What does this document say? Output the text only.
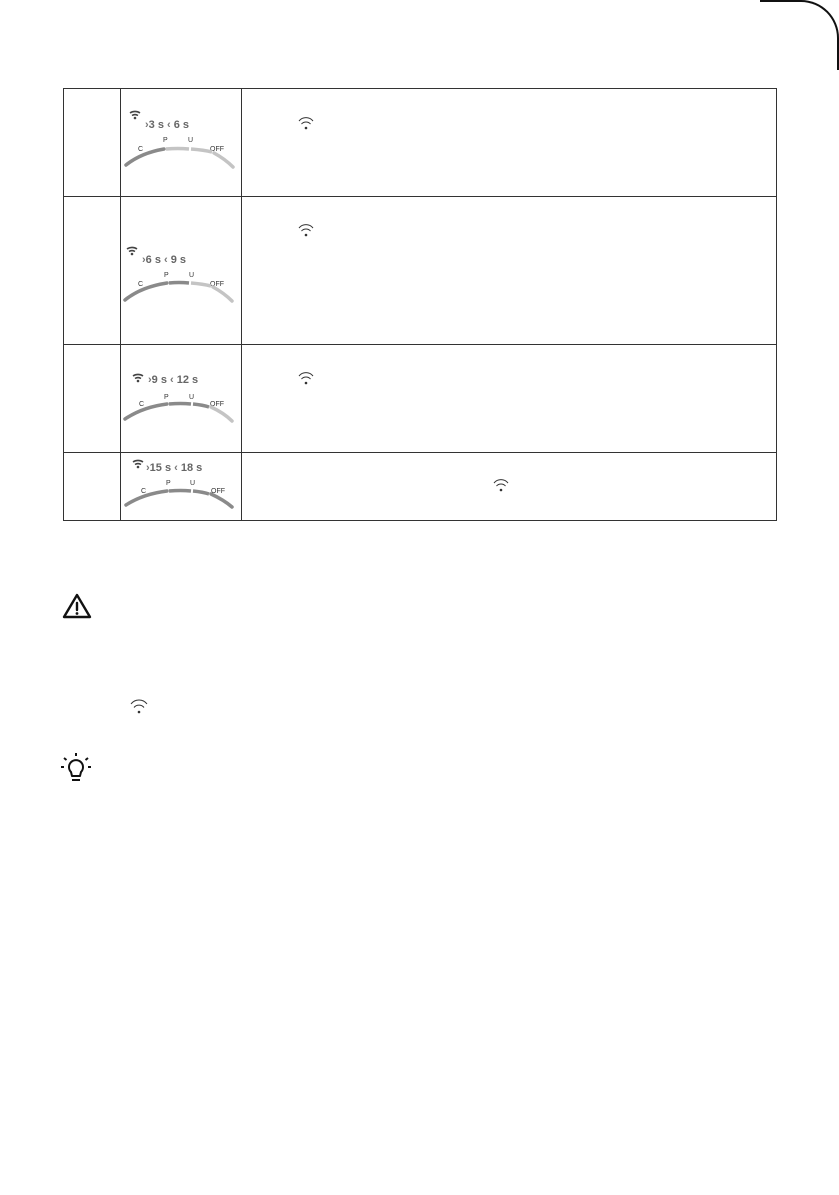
›3 s ‹ 6 s
C
P U
OFF

›6 s ‹ 9 s
C
P U
OFF

›9 s ‹ 12 s
C
P U
OFF

›15 s ‹ 18 s
C
P U
OFF
